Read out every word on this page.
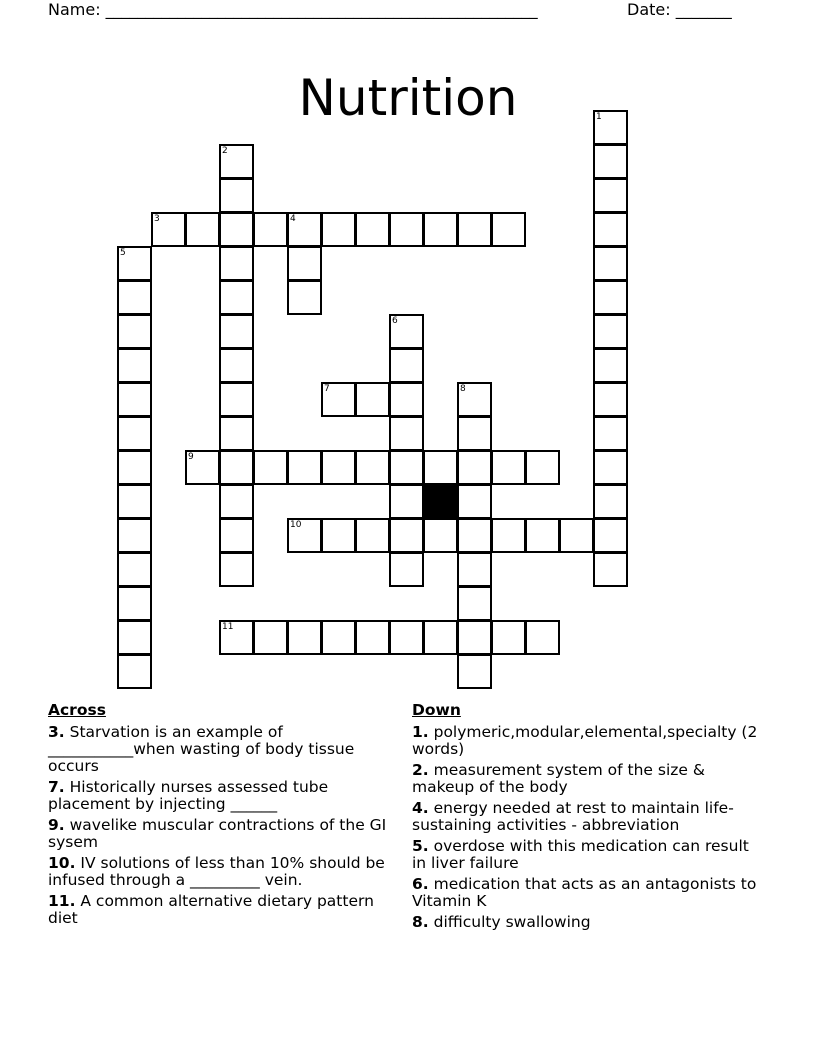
Name: ______________________________________________________	Date: _______
Nutrition	1
2
3	4
5
6
7	8
9
10
11
Across
3. Starvation is an example of ___________when wasting of body tissue occurs
7. Historically nurses assessed tube placement by injecting ______
9. wavelike muscular contractions of the GI sysem
10. IV solutions of less than 10% should be infused through a _________ vein.
11. A common alternative dietary pattern diet
Down
1. polymeric,modular,elemental,specialty (2 words)
2. measurement system of the size & makeup of the body
4. energy needed at rest to maintain life-sustaining activities - abbreviation
5. overdose with this medication can result in liver failure
6. medication that acts as an antagonists to Vitamin K
8. difficulty swallowing
